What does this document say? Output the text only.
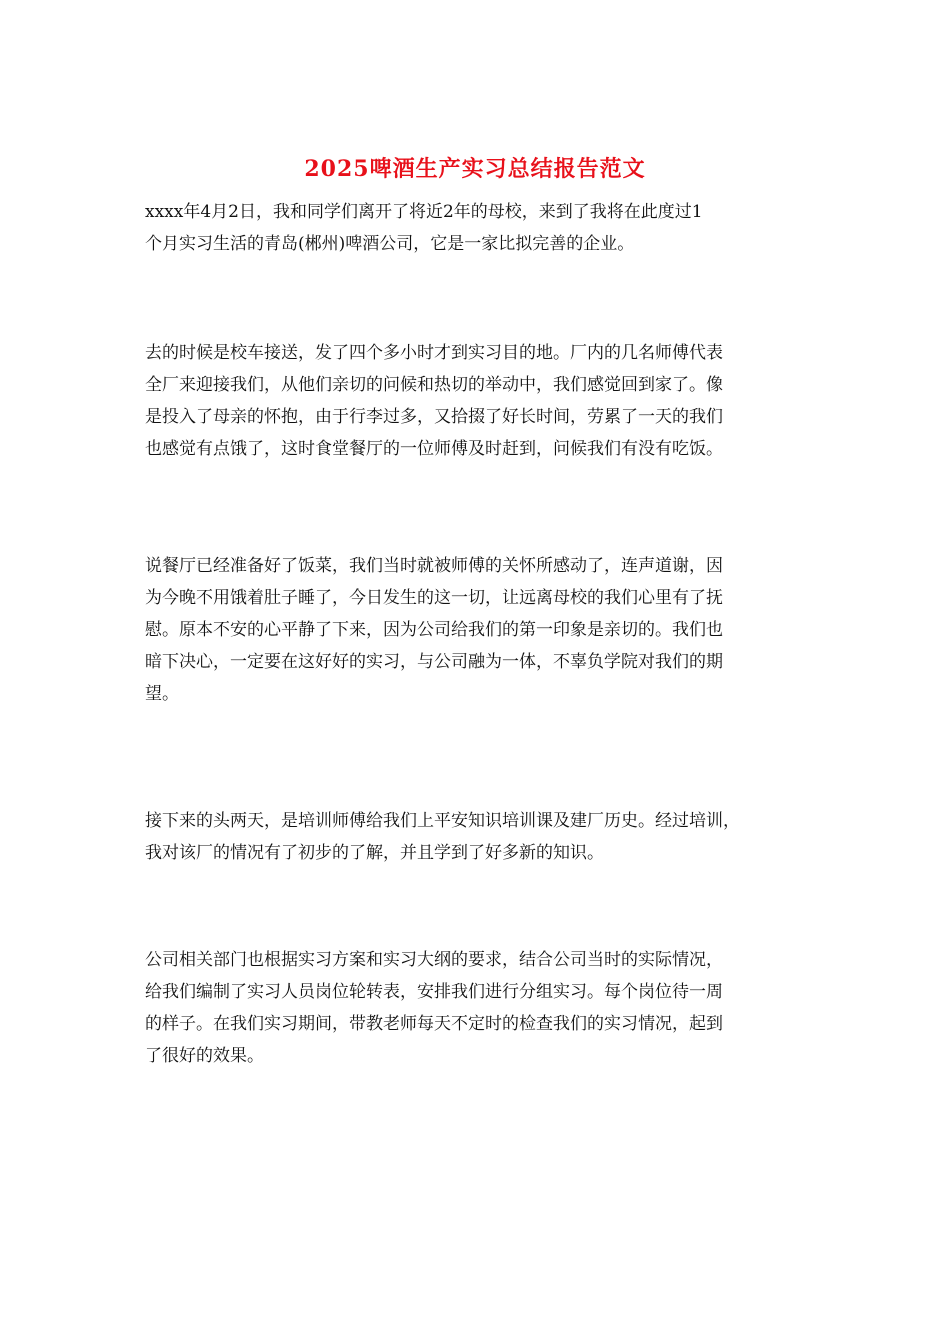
2025啤酒生产实习总结报告范文
xxxx年4月2日，我和同学们离开了将近2年的母校，来到了我将在此度过1
个月实习生活的青岛(郴州)啤酒公司，它是一家比拟完善的企业。
去的时候是校车接送，发了四个多小时才到实习目的地。厂内的几名师傅代表
全厂来迎接我们，从他们亲切的问候和热切的举动中，我们感觉回到家了。像
是投入了母亲的怀抱，由于行李过多，又拾掇了好长时间，劳累了一天的我们
也感觉有点饿了，这时食堂餐厅的一位师傅及时赶到，问候我们有没有吃饭。
说餐厅已经准备好了饭菜，我们当时就被师傅的关怀所感动了，连声道谢，因
为今晚不用饿着肚子睡了，今日发生的这一切，让远离母校的我们心里有了抚
慰。原本不安的心平静了下来，因为公司给我们的第一印象是亲切的。我们也
暗下决心，一定要在这好好的实习，与公司融为一体，不辜负学院对我们的期
望。
接下来的头两天，是培训师傅给我们上平安知识培训课及建厂历史。经过培训，
我对该厂的情况有了初步的了解，并且学到了好多新的知识。
公司相关部门也根据实习方案和实习大纲的要求，结合公司当时的实际情况，
给我们编制了实习人员岗位轮转表，安排我们进行分组实习。每个岗位待一周
的样子。在我们实习期间，带教老师每天不定时的检查我们的实习情况，起到
了很好的效果。
